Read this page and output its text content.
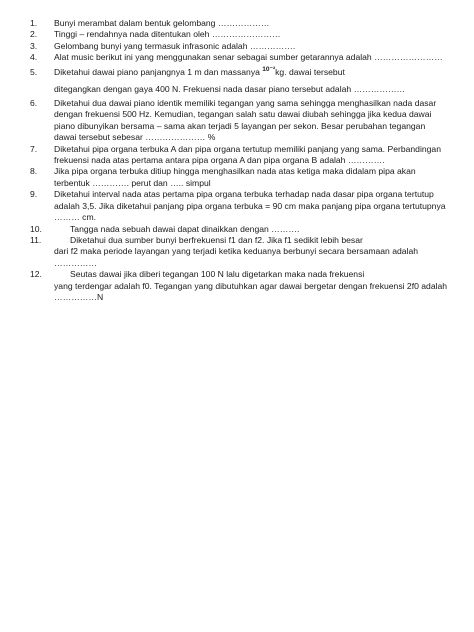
1.	Bunyi merambat dalam bentuk gelombang ………………
2.	Tinggi – rendahnya nada ditentukan oleh ……………………
3.	Gelombang bunyi yang termasuk infrasonic adalah …………….
4.	Alat music berikut ini yang menggunakan senar sebagai sumber getarannya adalah ……………………
5.	Diketahui dawai piano panjangnya 1 m dan massanya $^{10^{-2}}$kg. dawai tersebut
ditegangkan dengan gaya 400 N. Frekuensi nada dasar piano tersebut adalah ………………
6.	Diketahui dua dawai piano identik memiliki tegangan yang sama sehingga menghasilkan nada dasar dengan frekuensi 500 Hz. Kemudian, tegangan salah satu dawai diubah sehingga jika kedua dawai piano dibunyikan bersama – sama akan terjadi 5 layangan per sekon. Besar perubahan tegangan dawai tersebut sebesar ………………… %
7.	Diketahui pipa organa terbuka A dan pipa organa tertutup memiliki panjang yang sama. Perbandingan frekuensi nada atas pertama antara pipa organa A dan pipa organa B adalah ………….
8.	Jika pipa organa terbuka ditiup hingga menghasilkan nada atas ketiga maka didalam pipa akan terbentuk …………. perut dan ….. simpul
9.	Diketahui interval nada atas pertama pipa organa terbuka terhadap nada dasar pipa organa tertutup adalah 3,5. Jika diketahui panjang pipa organa terbuka = 90 cm maka panjang pipa organa tertutupnya ……… cm.
10.	Tangga nada sebuah dawai dapat dinaikkan dengan ……….
11.	Diketahui dua sumber bunyi berfrekuensi f1 dan f2. Jika f1 sedikit lebih besar
dari f2 maka periode layangan yang terjadi ketika keduanya berbunyi secara bersamaan adalah ……………
12.	Seutas dawai jika diberi tegangan 100 N lalu digetarkan maka nada frekuensi
yang terdengar adalah f0. Tegangan yang dibutuhkan agar dawai bergetar dengan frekuensi 2f0 adalah ……………N
